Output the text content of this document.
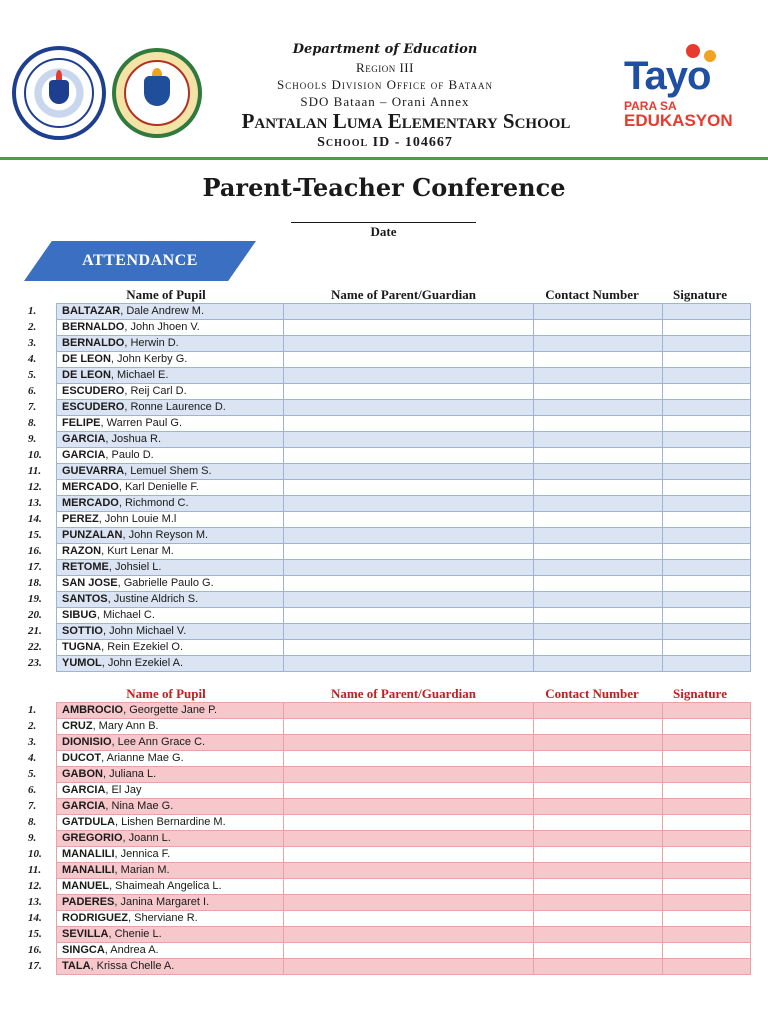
Department of Education
Region III
Schools Division Office of Bataan
SDO Bataan – Orani Annex
Pantalan Luma Elementary School
School ID - 104667
Tayo
PARA SA
EDUKASYON
Parent-Teacher Conference
Date
ATTENDANCE
Name of Pupil	Name of Parent/Guardian	Contact Number	Signature
1.	BALTAZAR, Dale Andrew M.			
2.	BERNALDO, John Jhoen V.			
3.	BERNALDO, Herwin D.			
4.	DE LEON, John Kerby G.			
5.	DE LEON, Michael E.			
6.	ESCUDERO, Reij Carl D.			
7.	ESCUDERO, Ronne Laurence D.			
8.	FELIPE, Warren Paul G.			
9.	GARCIA, Joshua R.			
10.	GARCIA, Paulo D.			
11.	GUEVARRA, Lemuel Shem S.			
12.	MERCADO, Karl Denielle F.			
13.	MERCADO, Richmond C.			
14.	PEREZ, John Louie M.l			
15.	PUNZALAN, John Reyson M.			
16.	RAZON, Kurt Lenar M.			
17.	RETOME, Johsiel L.			
18.	SAN JOSE, Gabrielle Paulo G.			
19.	SANTOS, Justine Aldrich S.			
20.	SIBUG, Michael C.			
21.	SOTTIO, John Michael V.			
22.	TUGNA, Rein Ezekiel O.			
23.	YUMOL, John Ezekiel A.			
Name of Pupil	Name of Parent/Guardian	Contact Number	Signature
1.	AMBROCIO, Georgette Jane P.			
2.	CRUZ, Mary Ann B.			
3.	DIONISIO, Lee Ann Grace C.			
4.	DUCOT, Arianne Mae G.			
5.	GABON, Juliana L.			
6.	GARCIA, El Jay			
7.	GARCIA, Nina Mae G.			
8.	GATDULA, Lishen Bernardine M.			
9.	GREGORIO, Joann L.			
10.	MANALILI, Jennica F.			
11.	MANALILI, Marian M.			
12.	MANUEL, Shaimeah Angelica L.			
13.	PADERES, Janina Margaret I.			
14.	RODRIGUEZ, Sherviane R.			
15.	SEVILLA, Chenie L.			
16.	SINGCA, Andrea A.			
17.	TALA, Krissa Chelle A.			
